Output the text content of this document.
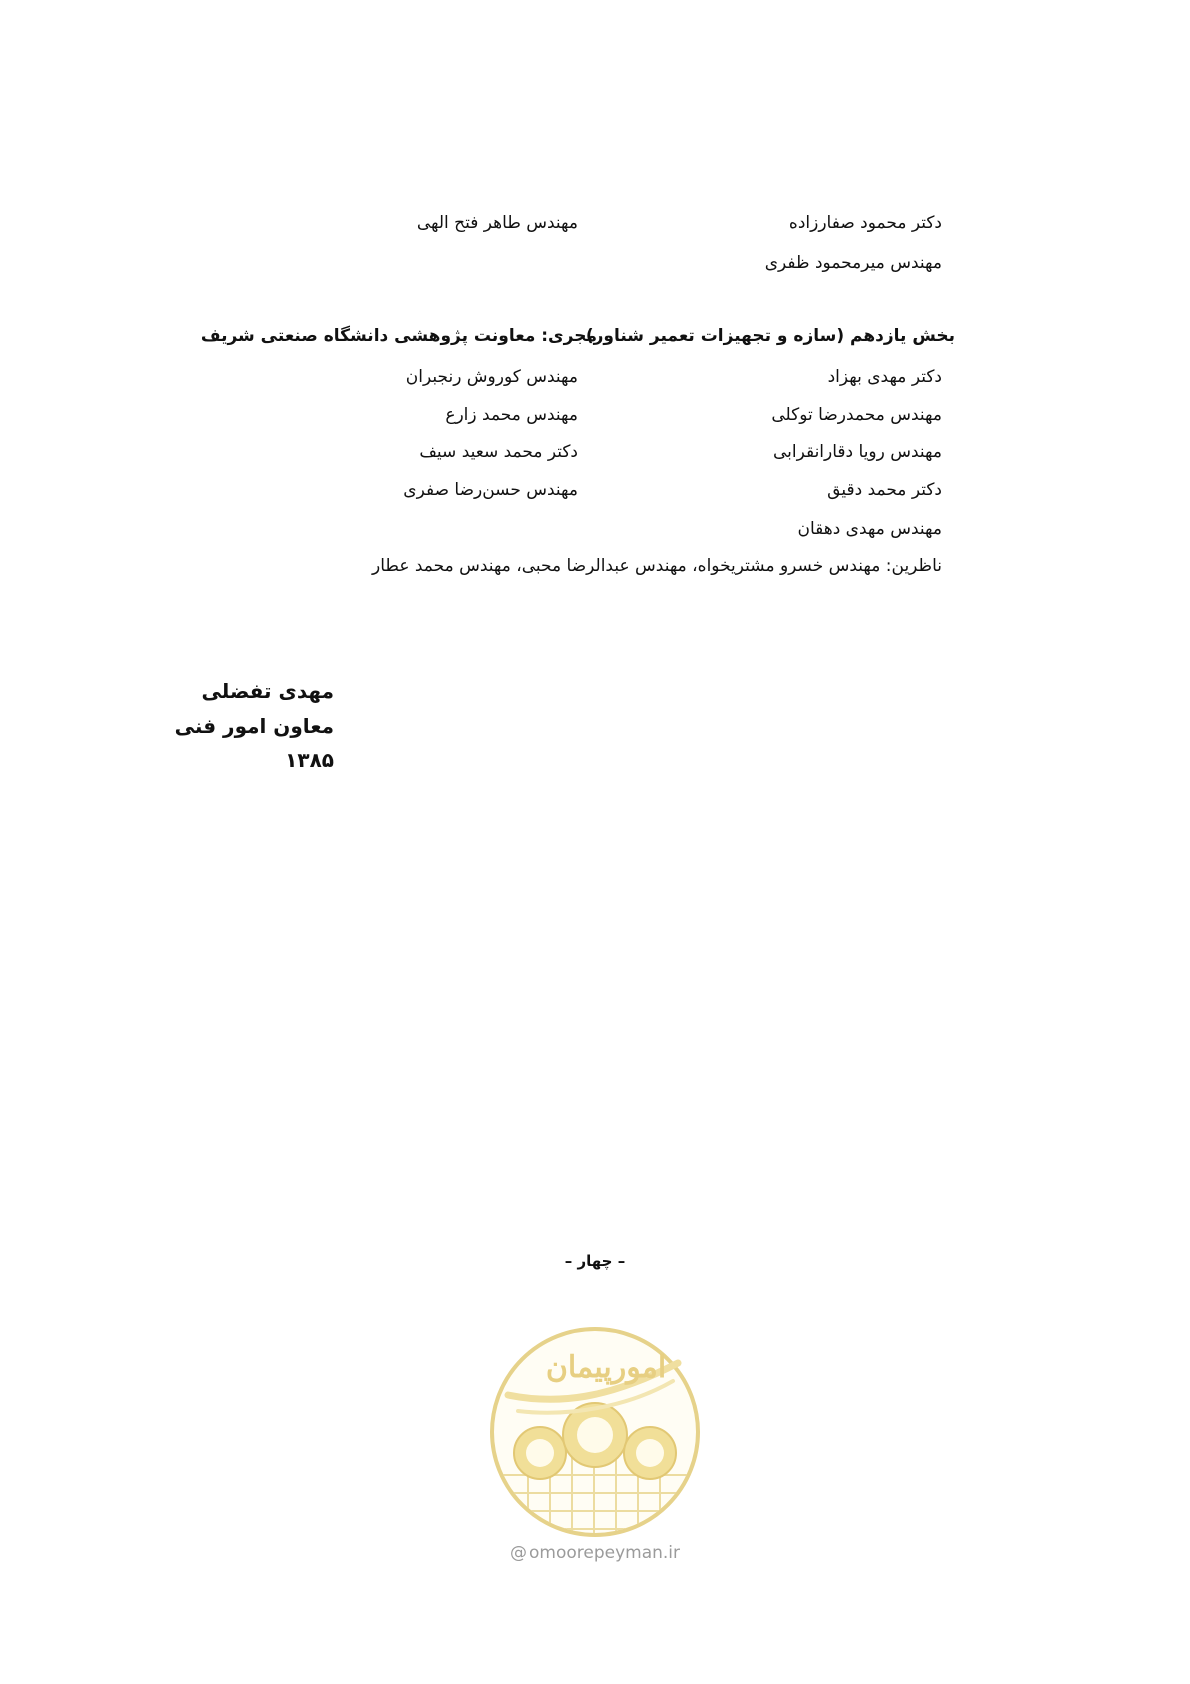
دکتر محمود صفارزاده
مهندس طاهر فتح الهی
مهندس میرمحمود ظفری
بخش یازدهم (سازه و تجهیزات تعمیر شناور)
مجری: معاونت پژوهشی دانشگاه صنعتی شریف
دکتر مهدی بهزاد
مهندس محمدرضا توکلی
مهندس رویا دقارانقرابی
دکتر محمد دقیق
مهندس مهدی دهقان
مهندس کوروش رنجبران
مهندس محمد زارع
دکتر محمد سعید سیف
مهندس حسن‌رضا صفری
ناظرین: مهندس خسرو مشتریخواه، مهندس عبدالرضا محبی، مهندس محمد عطار
مهدی تفضلی
معاون امور فنی
۱۳۸۵
– چهار –
امورپیمان
@ omoorepeyman.ir
